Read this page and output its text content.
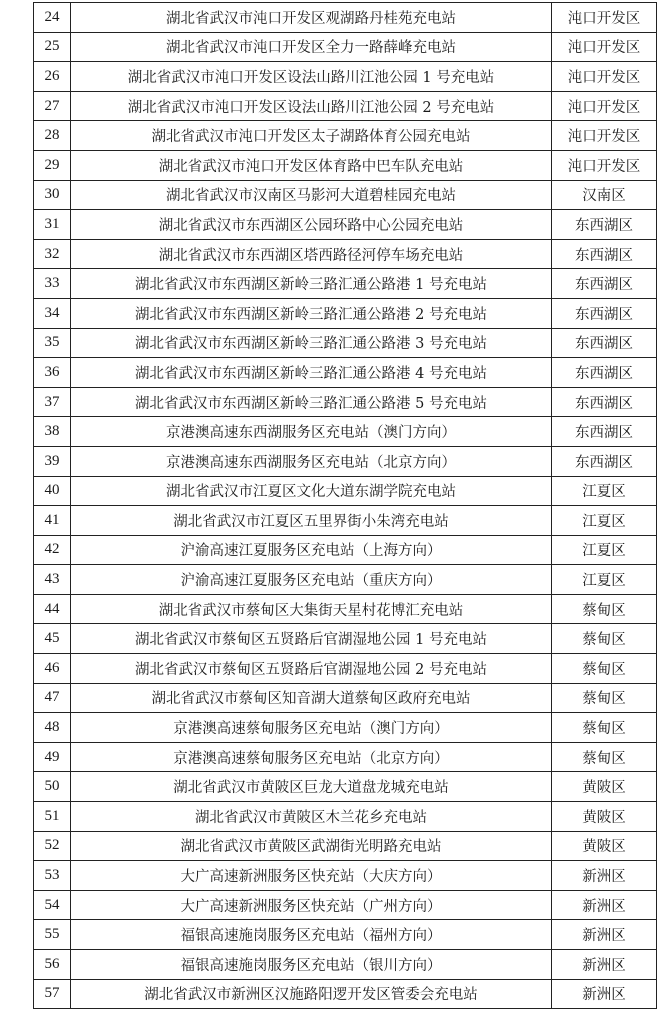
24	湖北省武汉市沌口开发区观湖路丹桂苑充电站	沌口开发区
25	湖北省武汉市沌口开发区全力一路薛峰充电站	沌口开发区
26	湖北省武汉市沌口开发区设法山路川江池公园 1 号充电站	沌口开发区
27	湖北省武汉市沌口开发区设法山路川江池公园 2 号充电站	沌口开发区
28	湖北省武汉市沌口开发区太子湖路体育公园充电站	沌口开发区
29	湖北省武汉市沌口开发区体育路中巴车队充电站	沌口开发区
30	湖北省武汉市汉南区马影河大道碧桂园充电站	汉南区
31	湖北省武汉市东西湖区公园环路中心公园充电站	东西湖区
32	湖北省武汉市东西湖区塔西路径河停车场充电站	东西湖区
33	湖北省武汉市东西湖区新岭三路汇通公路港 1 号充电站	东西湖区
34	湖北省武汉市东西湖区新岭三路汇通公路港 2 号充电站	东西湖区
35	湖北省武汉市东西湖区新岭三路汇通公路港 3 号充电站	东西湖区
36	湖北省武汉市东西湖区新岭三路汇通公路港 4 号充电站	东西湖区
37	湖北省武汉市东西湖区新岭三路汇通公路港 5 号充电站	东西湖区
38	京港澳高速东西湖服务区充电站（澳门方向）	东西湖区
39	京港澳高速东西湖服务区充电站（北京方向）	东西湖区
40	湖北省武汉市江夏区文化大道东湖学院充电站	江夏区
41	湖北省武汉市江夏区五里界街小朱湾充电站	江夏区
42	沪渝高速江夏服务区充电站（上海方向）	江夏区
43	沪渝高速江夏服务区充电站（重庆方向）	江夏区
44	湖北省武汉市蔡甸区大集街天星村花博汇充电站	蔡甸区
45	湖北省武汉市蔡甸区五贤路后官湖湿地公园 1 号充电站	蔡甸区
46	湖北省武汉市蔡甸区五贤路后官湖湿地公园 2 号充电站	蔡甸区
47	湖北省武汉市蔡甸区知音湖大道蔡甸区政府充电站	蔡甸区
48	京港澳高速蔡甸服务区充电站（澳门方向）	蔡甸区
49	京港澳高速蔡甸服务区充电站（北京方向）	蔡甸区
50	湖北省武汉市黄陂区巨龙大道盘龙城充电站	黄陂区
51	湖北省武汉市黄陂区木兰花乡充电站	黄陂区
52	湖北省武汉市黄陂区武湖街光明路充电站	黄陂区
53	大广高速新洲服务区快充站（大庆方向）	新洲区
54	大广高速新洲服务区快充站（广州方向）	新洲区
55	福银高速施岗服务区充电站（福州方向）	新洲区
56	福银高速施岗服务区充电站（银川方向）	新洲区
57	湖北省武汉市新洲区汉施路阳逻开发区管委会充电站	新洲区
